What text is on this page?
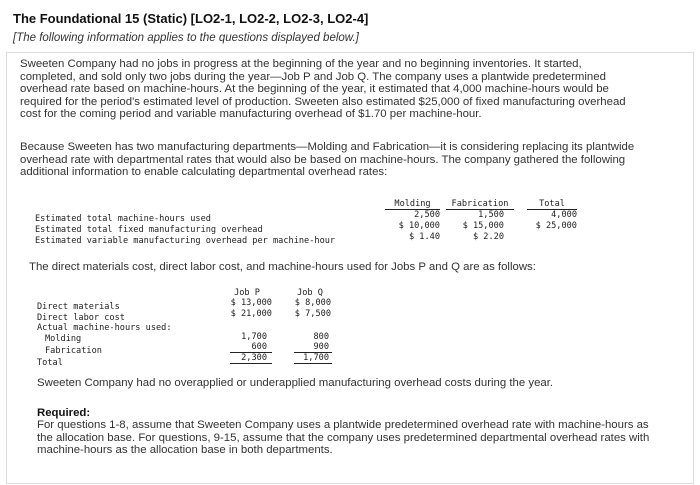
The Foundational 15 (Static) [LO2-1, LO2-2, LO2-3, LO2-4]
[The following information applies to the questions displayed below.]
Sweeten Company had no jobs in progress at the beginning of the year and no beginning inventories. It started,
completed, and sold only two jobs during the year—Job P and Job Q. The company uses a plantwide predetermined
overhead rate based on machine-hours. At the beginning of the year, it estimated that 4,000 machine-hours would be
required for the period's estimated level of production. Sweeten also estimated $25,000 of fixed manufacturing overhead
cost for the coming period and variable manufacturing overhead of $1.70 per machine-hour.
Because Sweeten has two manufacturing departments—Molding and Fabrication—it is considering replacing its plantwide
overhead rate with departmental rates that would also be based on machine-hours. The company gathered the following
additional information to enable calculating departmental overhead rates:
Molding	Fabrication	Total
Estimated total machine-hours used	2,500	1,500	4,000
Estimated total fixed manufacturing overhead	$ 10,000	$ 15,000	$ 25,000
Estimated variable manufacturing overhead per machine-hour	$ 1.40	$ 2.20
The direct materials cost, direct labor cost, and machine-hours used for Jobs P and Q are as follows:
Job P	Job Q
Direct materials	$ 13,000	$ 8,000
Direct labor cost	$ 21,000	$ 7,500
Actual machine-hours used:
Molding	1,700	800
Fabrication	600	900
Total	2,300	1,700
Sweeten Company had no overapplied or underapplied manufacturing overhead costs during the year.
Required:
For questions 1-8, assume that Sweeten Company uses a plantwide predetermined overhead rate with machine-hours as
the allocation base. For questions, 9-15, assume that the company uses predetermined departmental overhead rates with
machine-hours as the allocation base in both departments.
